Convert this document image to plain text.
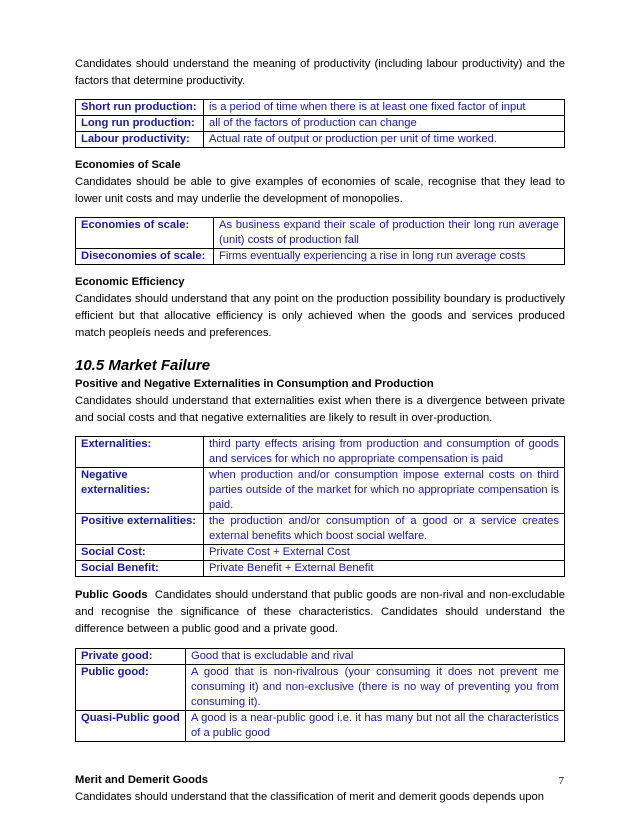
Candidates should understand the meaning of productivity (including labour productivity) and the factors that determine productivity.

Short run production:	is a period of time when there is at least one fixed factor of input
Long run production:	all of the factors of production can change
Labour productivity:	Actual rate of output or production per unit of time worked.
Economies of Scale

Candidates should be able to give examples of economies of scale, recognise that they lead to lower unit costs and may underlie the development of monopolies.

Economies of scale:	As business expand their scale of production their long run average (unit) costs of production fall
Diseconomies of scale:	Firms eventually experiencing a rise in long run average costs
Economic Efficiency

Candidates should understand that any point on the production possibility boundary is productively efficient but that allocative efficiency is only achieved when the goods and services produced match peopleís needs and preferences.

10.5 Market Failure
Positive and Negative Externalities in Consumption and Production

Candidates should understand that externalities exist when there is a divergence between private and social costs and that negative externalities are likely to result in over-production.

Externalities:	third party effects arising from production and consumption of goods and services for which no appropriate compensation is paid
Negative externalities:	when production and/or consumption impose external costs on third parties outside of the market for which no appropriate compensation is paid.
Positive externalities:	the production and/or consumption of a good or a service creates external benefits which boost social welfare.
Social Cost:	Private Cost + External Cost
Social Benefit:	Private Benefit + External Benefit

Public Goods Candidates should understand that public goods are non-rival and non-excludable and recognise the significance of these characteristics. Candidates should understand the difference between a public good and a private good.

Private good:	Good that is excludable and rival
Public good:	A good that is non-rivalrous (your consuming it does not prevent me consuming it) and non-exclusive (there is no way of preventing you from consuming it).
Quasi-Public good	A good is a near-public good i.e. it has many but not all the characteristics of a public good
Merit and Demerit Goods

Candidates should understand that the classification of merit and demerit goods depends upon

7
